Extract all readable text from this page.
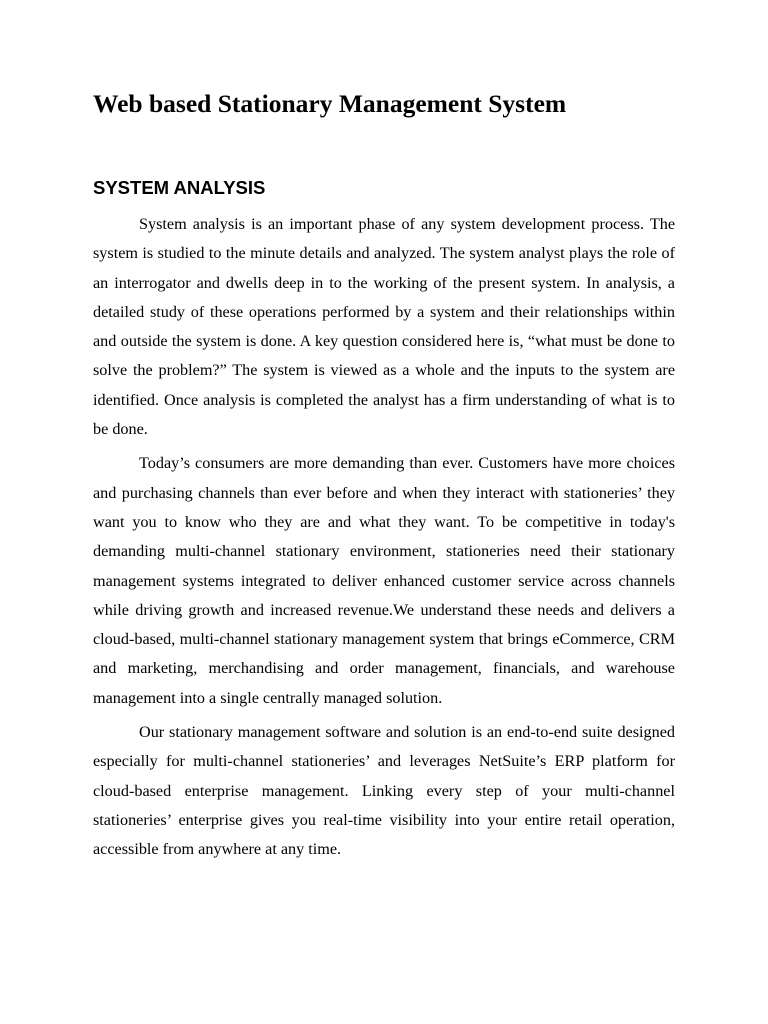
Web based Stationary Management System
SYSTEM ANALYSIS

System analysis is an important phase of any system development process. The system is studied to the minute details and analyzed. The system analyst plays the role of an interrogator and dwells deep in to the working of the present system. In analysis, a detailed study of these operations performed by a system and their relationships within and outside the system is done. A key question considered here is, “what must be done to solve the problem?” The system is viewed as a whole and the inputs to the system are identified. Once analysis is completed the analyst has a firm understanding of what is to be done.

Today’s consumers are more demanding than ever. Customers have more choices and purchasing channels than ever before and when they interact with stationeries’ they want you to know who they are and what they want. To be competitive in today's demanding multi-channel stationary environment, stationeries need their stationary management systems integrated to deliver enhanced customer service across channels while driving growth and increased revenue.We understand these needs and delivers a cloud-based, multi-channel stationary management system that brings eCommerce, CRM and marketing, merchandising and order management, financials, and warehouse management into a single centrally managed solution.

Our stationary management software and solution is an end-to-end suite designed especially for multi-channel stationeries’ and leverages NetSuite’s ERP platform for cloud-based enterprise management. Linking every step of your multi-channel stationeries’ enterprise gives you real-time visibility into your entire retail operation, accessible from anywhere at any time.
